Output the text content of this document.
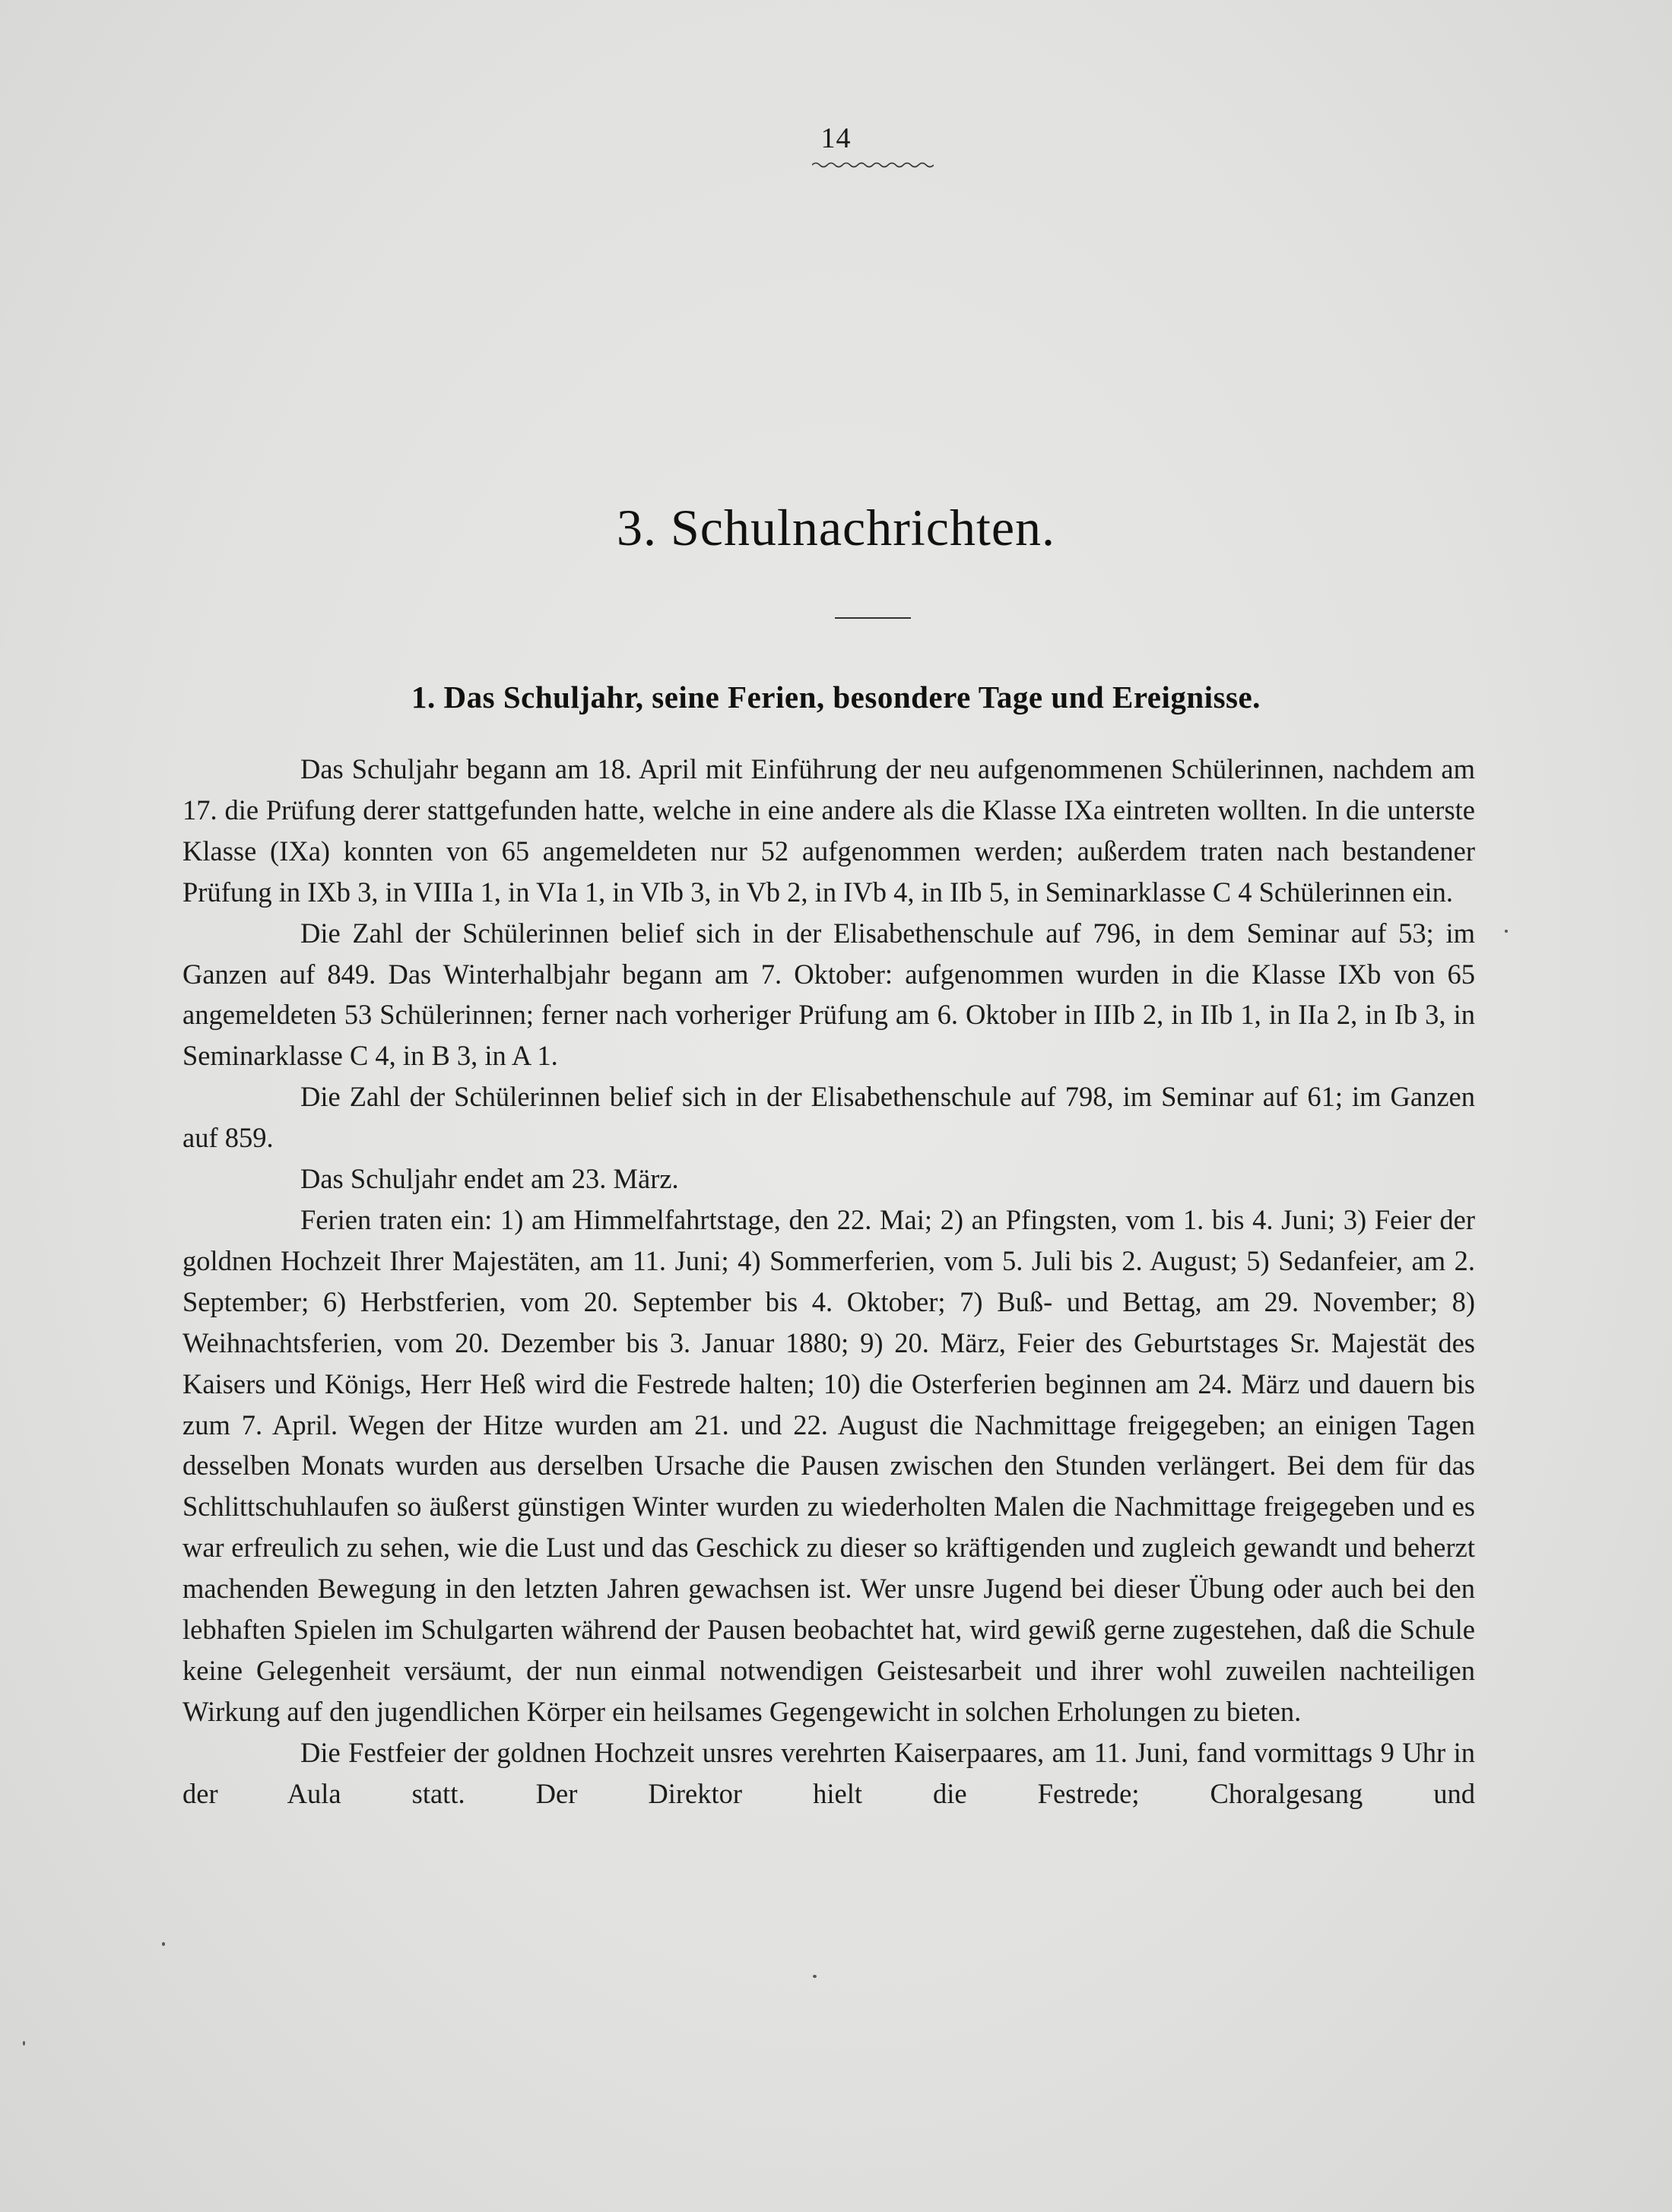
14
3. Schulnachrichten.
1. Das Schuljahr, seine Ferien, besondere Tage und Ereignisse.

Das Schuljahr begann am 18. April mit Einführung der neu aufgenommenen Schülerinnen, nachdem am 17. die Prüfung derer stattgefunden hatte, welche in eine andere als die Klasse IXa eintreten wollten. In die unterste Klasse (IXa) konnten von 65 angemeldeten nur 52 aufgenommen werden; außerdem traten nach bestandener Prüfung in IXb 3, in VIIIa 1, in VIa 1, in VIb 3, in Vb 2, in IVb 4, in IIb 5, in Seminarklasse C 4 Schülerinnen ein.

Die Zahl der Schülerinnen belief sich in der Elisabethenschule auf 796, in dem Seminar auf 53; im Ganzen auf 849. Das Winterhalbjahr begann am 7. Oktober: aufgenommen wurden in die Klasse IXb von 65 angemeldeten 53 Schülerinnen; ferner nach vorheriger Prüfung am 6. Oktober in IIIb 2, in IIb 1, in IIa 2, in Ib 3, in Seminarklasse C 4, in B 3, in A 1.

Die Zahl der Schülerinnen belief sich in der Elisabethenschule auf 798, im Seminar auf 61; im Ganzen auf 859.

Das Schuljahr endet am 23. März.

Ferien traten ein: 1) am Himmelfahrtstage, den 22. Mai; 2) an Pfingsten, vom 1. bis 4. Juni; 3) Feier der goldnen Hochzeit Ihrer Majestäten, am 11. Juni; 4) Sommerferien, vom 5. Juli bis 2. August; 5) Sedanfeier, am 2. September; 6) Herbstferien, vom 20. September bis 4. Oktober; 7) Buß- und Bettag, am 29. November; 8) Weihnachtsferien, vom 20. Dezember bis 3. Januar 1880; 9) 20. März, Feier des Geburtstages Sr. Majestät des Kaisers und Königs, Herr Heß wird die Festrede halten; 10) die Osterferien beginnen am 24. März und dauern bis zum 7. April. Wegen der Hitze wurden am 21. und 22. August die Nachmittage freigegeben; an einigen Tagen desselben Monats wurden aus derselben Ursache die Pausen zwischen den Stunden verlängert. Bei dem für das Schlittschuhlaufen so äußerst günstigen Winter wurden zu wiederholten Malen die Nachmittage freigegeben und es war erfreulich zu sehen, wie die Lust und das Geschick zu dieser so kräftigenden und zugleich gewandt und beherzt machenden Bewegung in den letzten Jahren gewachsen ist. Wer unsre Jugend bei dieser Übung oder auch bei den lebhaften Spielen im Schulgarten während der Pausen beobachtet hat, wird gewiß gerne zugestehen, daß die Schule keine Gelegenheit versäumt, der nun einmal notwendigen Geistesarbeit und ihrer wohl zuweilen nachteiligen Wirkung auf den jugendlichen Körper ein heilsames Gegengewicht in solchen Erholungen zu bieten.

Die Festfeier der goldnen Hochzeit unsres verehrten Kaiserpaares, am 11. Juni, fand vormittags 9 Uhr in der Aula statt. Der Direktor hielt die Festrede; Choralgesang und
